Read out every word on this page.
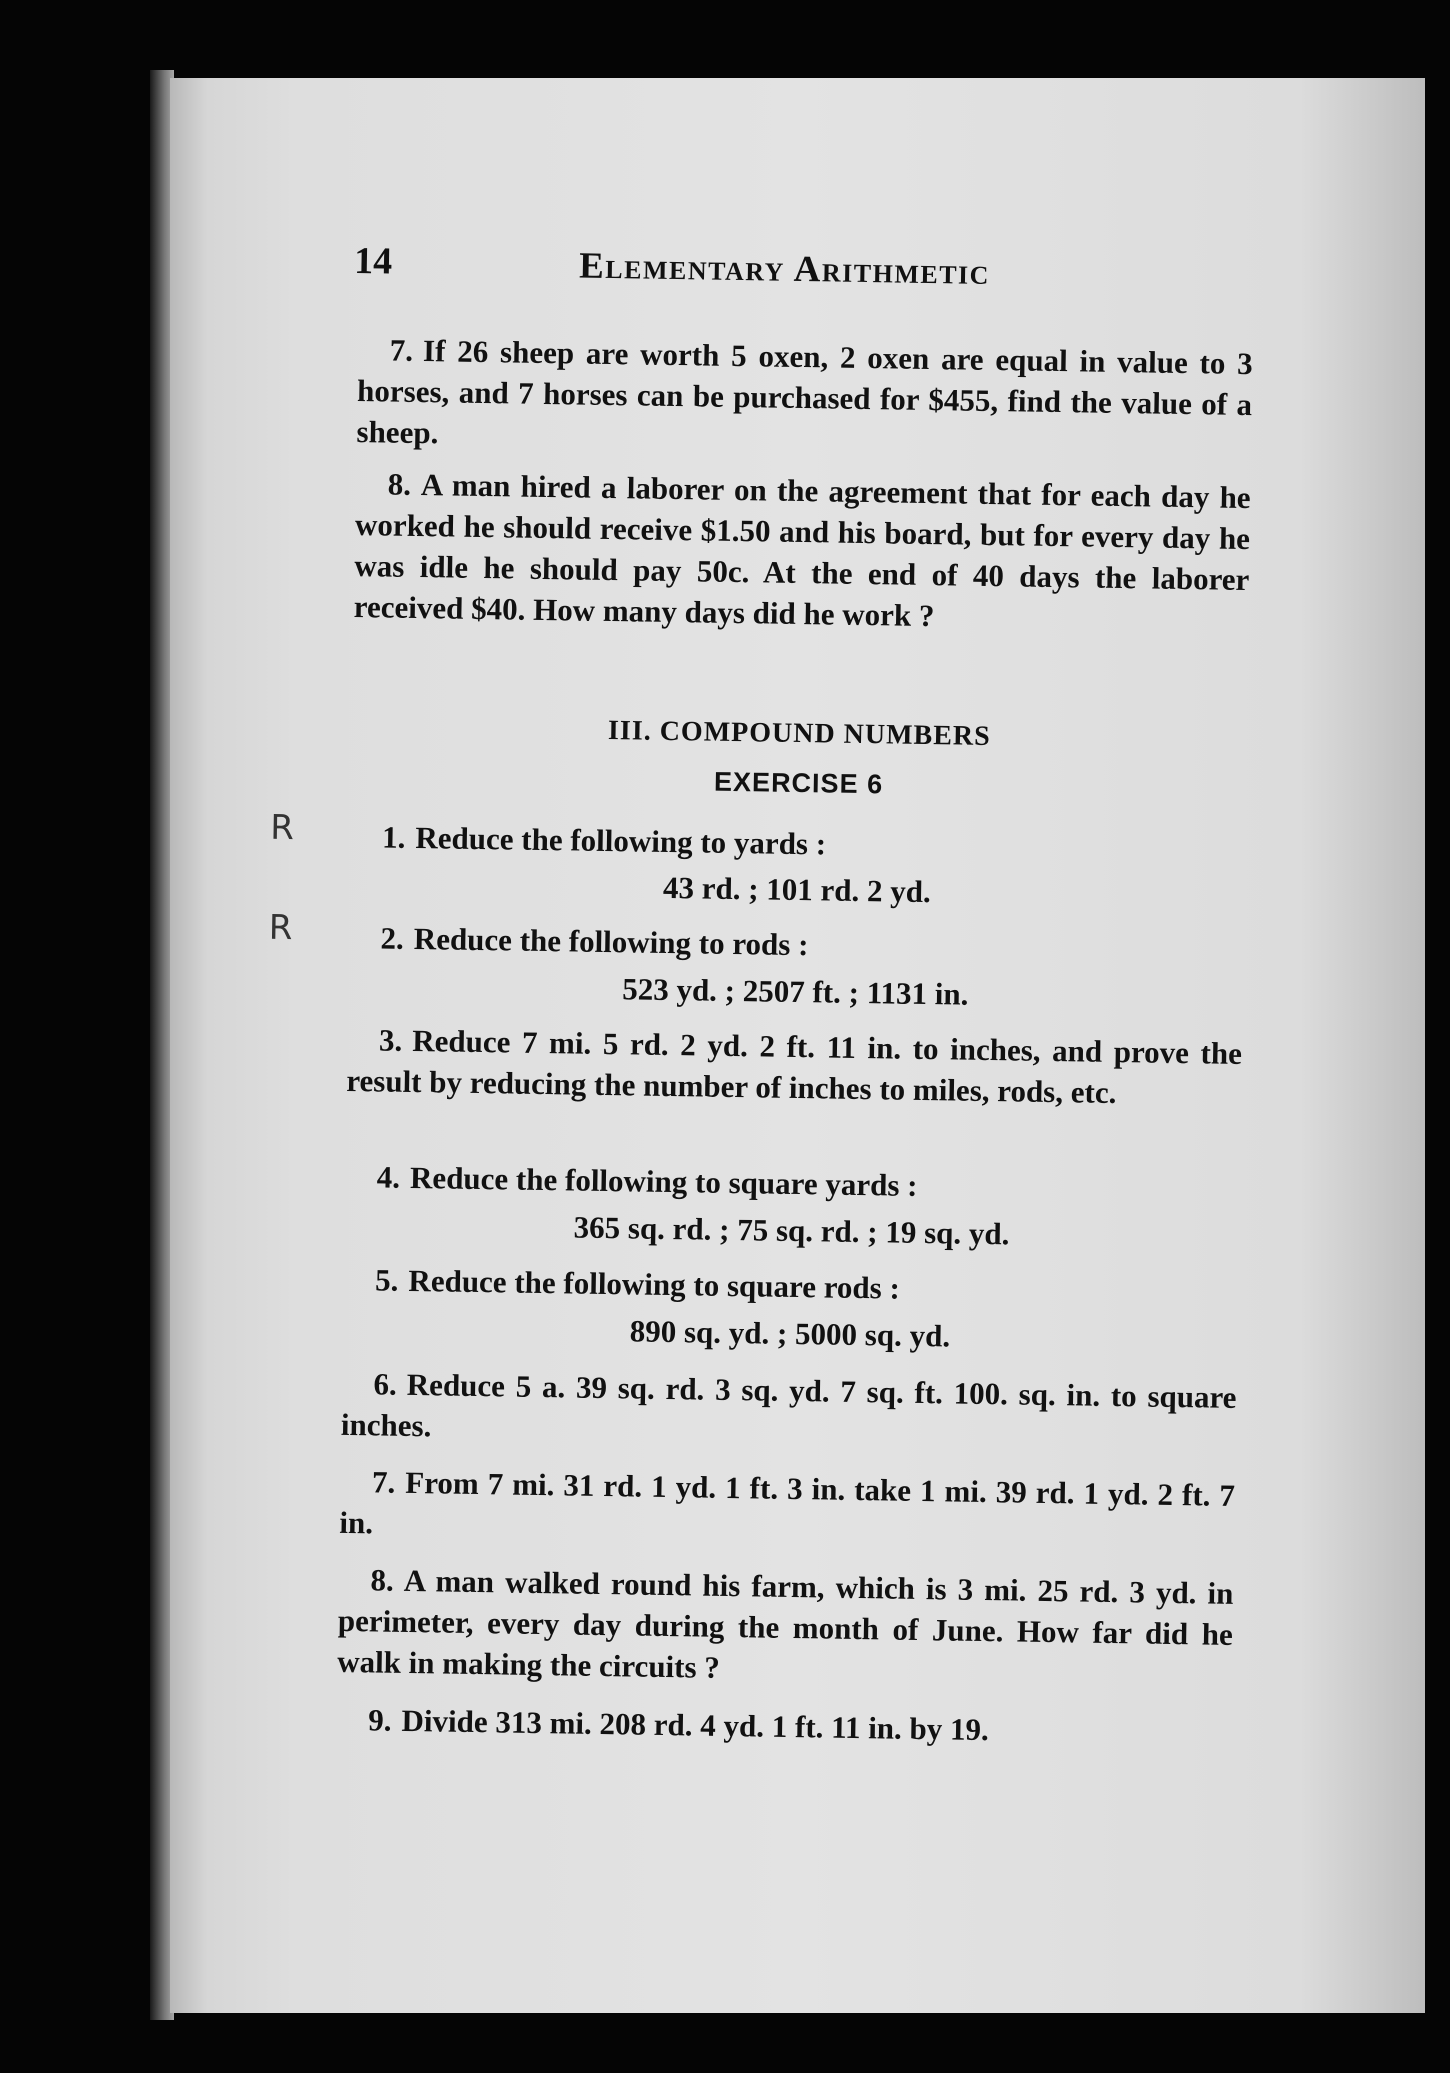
14	Elementary Arithmetic

7. If 26 sheep are worth 5 oxen, 2 oxen are equal in value to 3 horses, and 7 horses can be purchased for $455, find the value of a sheep.

8. A man hired a laborer on the agreement that for each day he worked he should receive $1.50 and his board, but for every day he was idle he should pay 50c. At the end of 40 days the laborer received $40. How many days did he work ?

III. COMPOUND NUMBERS
EXERCISE 6
R
R

1. Reduce the following to yards :

43 rd. ; 101 rd. 2 yd.

2. Reduce the following to rods :

523 yd. ; 2507 ft. ; 1131 in.

3. Reduce 7 mi. 5 rd. 2 yd. 2 ft. 11 in. to inches, and prove the result by reducing the number of inches to miles, rods, etc.

4. Reduce the following to square yards :

365 sq. rd. ; 75 sq. rd. ; 19 sq. yd.

5. Reduce the following to square rods :

890 sq. yd. ; 5000 sq. yd.

6. Reduce 5 a. 39 sq. rd. 3 sq. yd. 7 sq. ft. 100. sq. in. to square inches.

7. From 7 mi. 31 rd. 1 yd. 1 ft. 3 in. take 1 mi. 39 rd. 1 yd. 2 ft. 7 in.

8. A man walked round his farm, which is 3 mi. 25 rd. 3 yd. in perimeter, every day during the month of June. How far did he walk in making the circuits ?

9. Divide 313 mi. 208 rd. 4 yd. 1 ft. 11 in. by 19.
